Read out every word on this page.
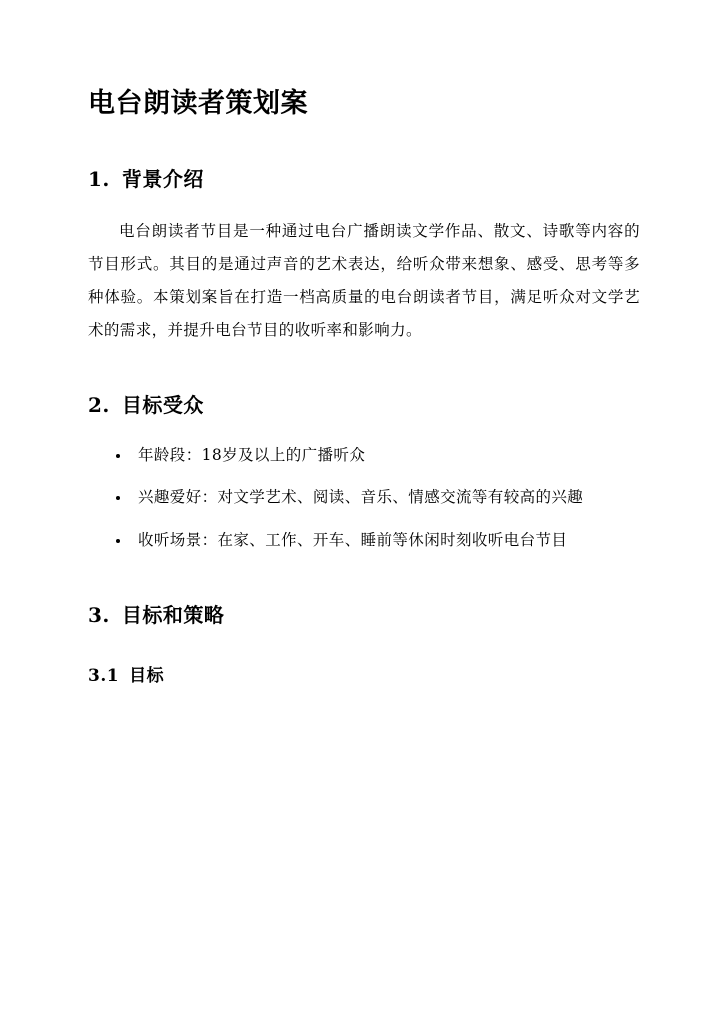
电台朗读者策划案
1. 背景介绍

电台朗读者节目是一种通过电台广播朗读文学作品、散文、诗歌等内容的节目形式。其目的是通过声音的艺术表达，给听众带来想象、感受、思考等多种体验。本策划案旨在打造一档高质量的电台朗读者节目，满足听众对文学艺术的需求，并提升电台节目的收听率和影响力。

2. 目标受众
年龄段：18岁及以上的广播听众
兴趣爱好：对文学艺术、阅读、音乐、情感交流等有较高的兴趣
收听场景：在家、工作、开车、睡前等休闲时刻收听电台节目
3. 目标和策略
3.1 目标
